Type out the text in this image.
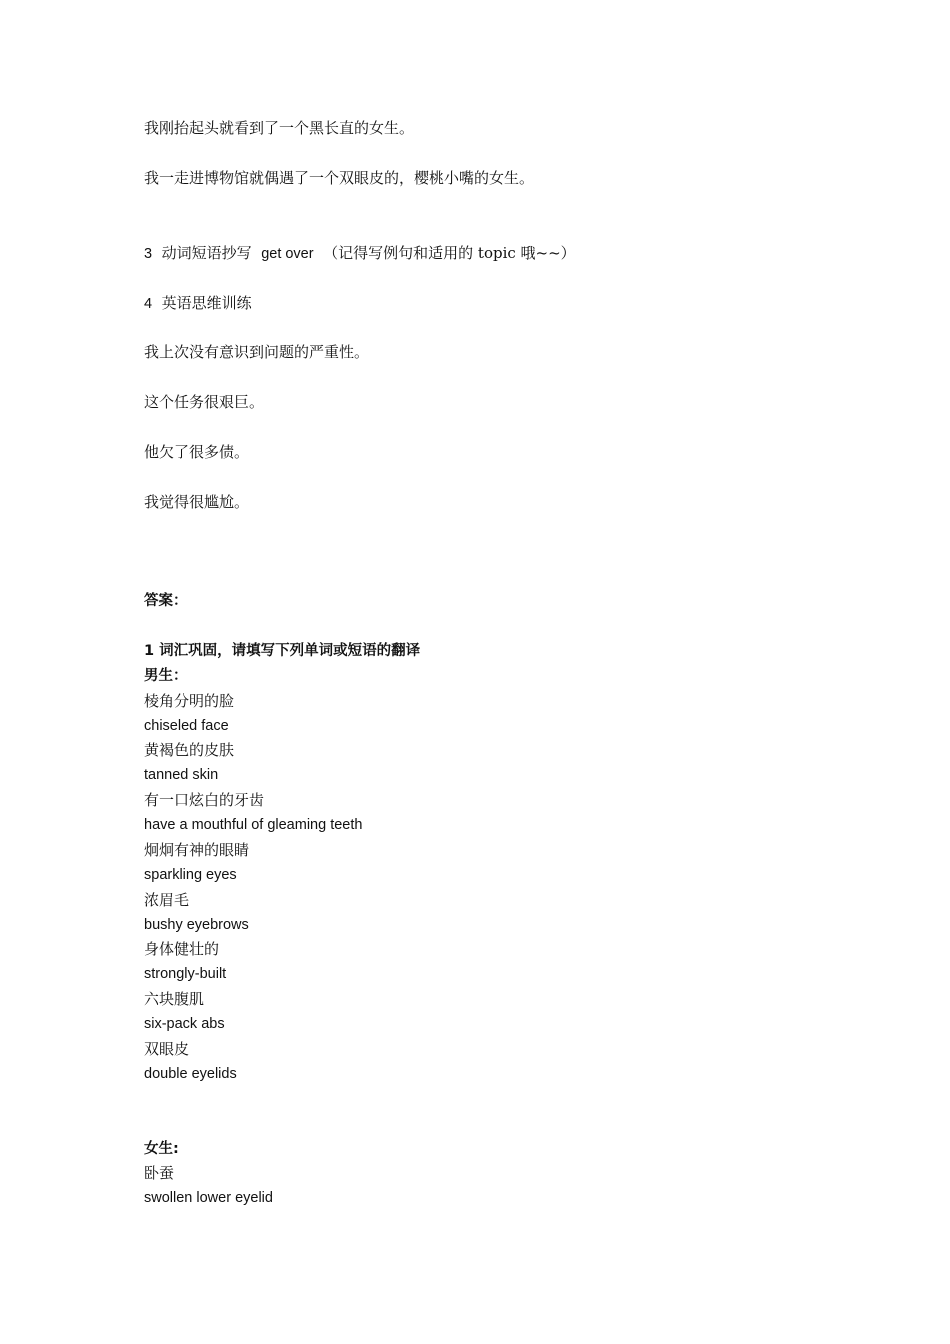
我刚抬起头就看到了一个黑长直的女生。
我一走进博物馆就偶遇了一个双眼皮的，樱桃小嘴的女生。
3 动词短语抄写 get over （记得写例句和适用的 topic 哦~~）
4 英语思维训练
我上次没有意识到问题的严重性。
这个任务很艰巨。
他欠了很多债。
我觉得很尴尬。
答案：
1 词汇巩固，请填写下列单词或短语的翻译
男生：
棱角分明的脸
chiseled face
黄褐色的皮肤
tanned skin
有一口炫白的牙齿
have a mouthful of gleaming teeth
炯炯有神的眼睛
sparkling eyes
浓眉毛
bushy eyebrows
身体健壮的
strongly-built
六块腹肌
six-pack abs
双眼皮
double eyelids
女生:
卧蚕
swollen lower eyelid
